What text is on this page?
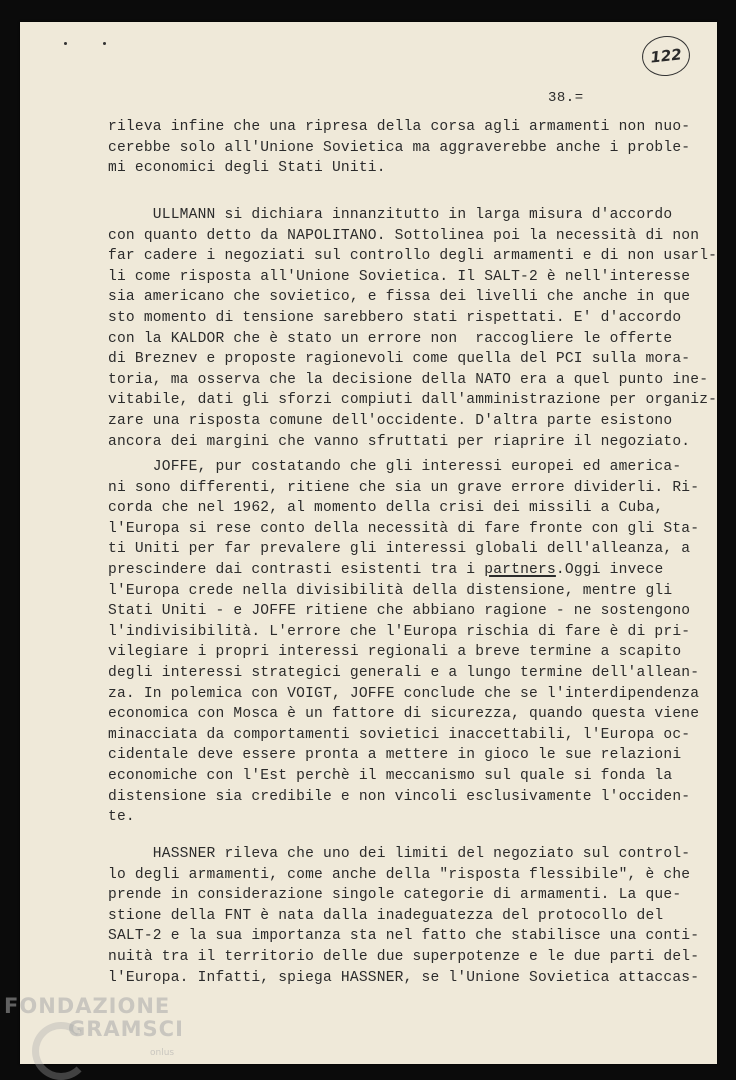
122
38.=
rileva infine che una ripresa della corsa agli armamenti non nuo-
cerebbe solo all'Unione Sovietica ma aggraverebbe anche i proble-
mi economici degli Stati Uniti.
ULLMANN si dichiara innanzitutto in larga misura d'accordo
con quanto detto da NAPOLITANO. Sottolinea poi la necessità di non
far cadere i negoziati sul controllo degli armamenti e di non usarl-
li come risposta all'Unione Sovietica. Il SALT-2 è nell'interesse
sia americano che sovietico, e fissa dei livelli che anche in que
sto momento di tensione sarebbero stati rispettati. E' d'accordo
con la KALDOR che è stato un errore non  raccogliere le offerte
di Breznev e proposte ragionevoli come quella del PCI sulla mora-
toria, ma osserva che la decisione della NATO era a quel punto ine-
vitabile, dati gli sforzi compiuti dall'amministrazione per organiz-
zare una risposta comune dell'occidente. D'altra parte esistono
ancora dei margini che vanno sfruttati per riaprire il negoziato.
JOFFE, pur costatando che gli interessi europei ed america-
ni sono differenti, ritiene che sia un grave errore dividerli. Ri-
corda che nel 1962, al momento della crisi dei missili a Cuba,
l'Europa si rese conto della necessità di fare fronte con gli Sta-
ti Uniti per far prevalere gli interessi globali dell'alleanza, a
prescindere dai contrasti esistenti tra i partners.Oggi invece
l'Europa crede nella divisibilità della distensione, mentre gli
Stati Uniti - e JOFFE ritiene che abbiano ragione - ne sostengono
l'indivisibilità. L'errore che l'Europa rischia di fare è di pri-
vilegiare i propri interessi regionali a breve termine a scapito
degli interessi strategici generali e a lungo termine dell'allean-
za. In polemica con VOIGT, JOFFE conclude che se l'interdipendenza
economica con Mosca è un fattore di sicurezza, quando questa viene
minacciata da comportamenti sovietici inaccettabili, l'Europa oc-
cidentale deve essere pronta a mettere in gioco le sue relazioni
economiche con l'Est perchè il meccanismo sul quale si fonda la
distensione sia credibile e non vincoli esclusivamente l'occiden-
te.
HASSNER rileva che uno dei limiti del negoziato sul control-
lo degli armamenti, come anche della "risposta flessibile", è che
prende in considerazione singole categorie di armamenti. La que-
stione della FNT è nata dalla inadeguatezza del protocollo del
SALT-2 e la sua importanza sta nel fatto che stabilisce una conti-
nuità tra il territorio delle due superpotenze e le due parti del-
l'Europa. Infatti, spiega HASSNER, se l'Unione Sovietica attaccas-
FONDAZIONE
GRAMSCI
onlus
